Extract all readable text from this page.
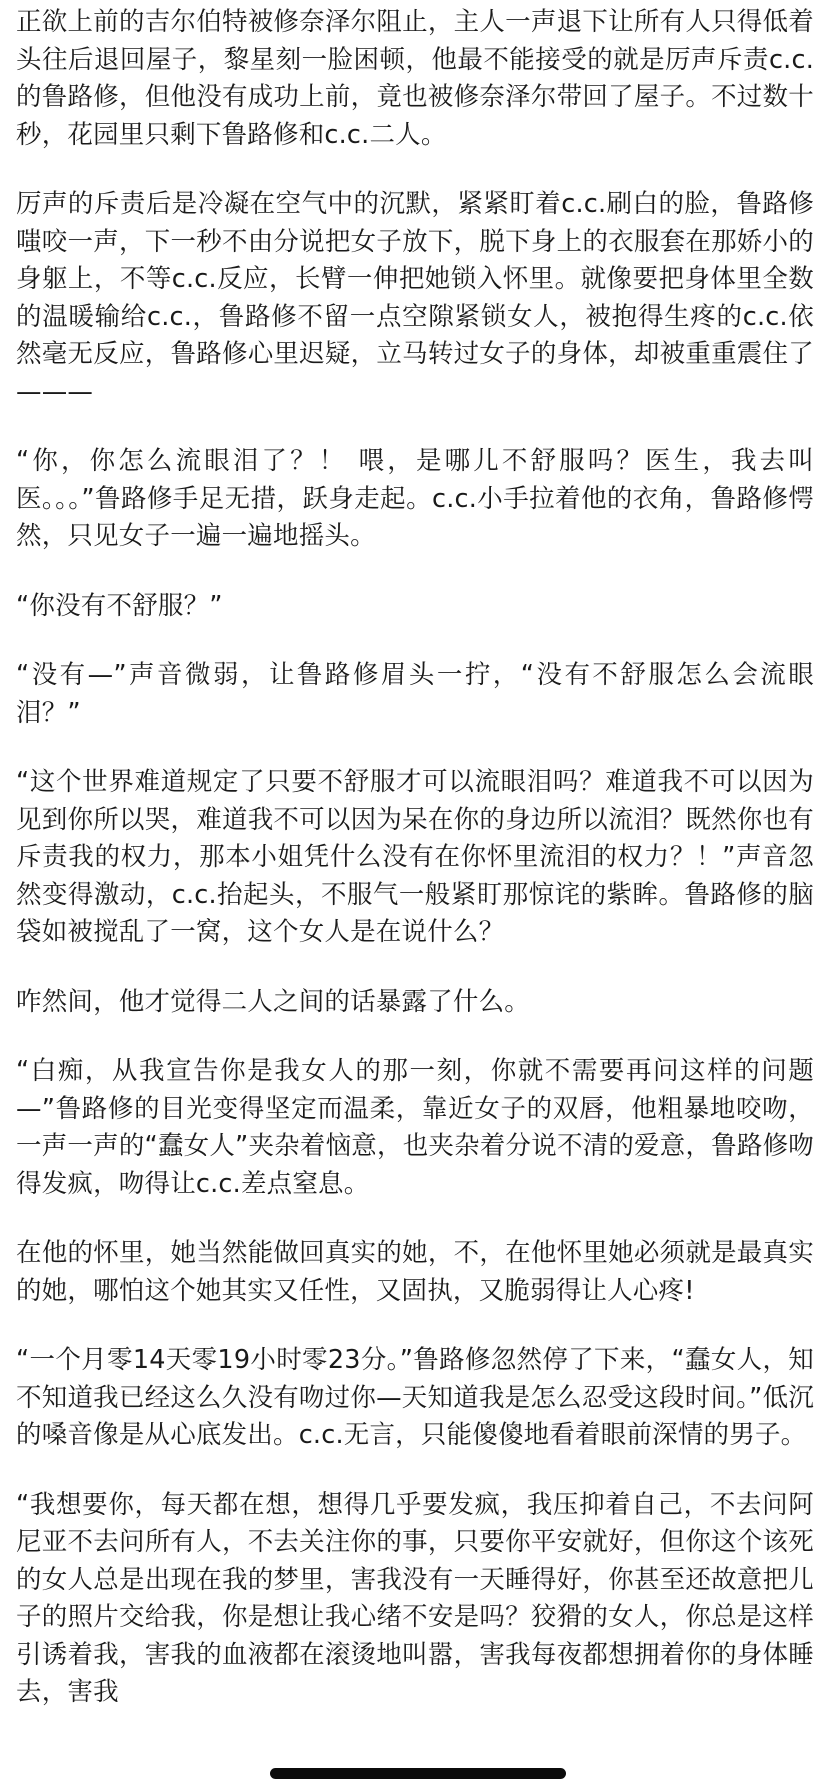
正欲上前的吉尔伯特被修奈泽尔阻止，主人一声退下让所有人只得低着头往后退回屋子，黎星刻一脸困顿，他最不能接受的就是厉声斥责c.c.的鲁路修，但他没有成功上前，竟也被修奈泽尔带回了屋子。不过数十秒，花园里只剩下鲁路修和c.c.二人。

厉声的斥责后是冷凝在空气中的沉默，紧紧盯着c.c.刷白的脸，鲁路修嗤咬一声，下一秒不由分说把女子放下，脱下身上的衣服套在那娇小的身躯上，不等c.c.反应，长臂一伸把她锁入怀里。就像要把身体里全数的温暖输给c.c.，鲁路修不留一点空隙紧锁女人，被抱得生疼的c.c.依然毫无反应，鲁路修心里迟疑，立马转过女子的身体，却被重重震住了———

“你，你怎么流眼泪了？！ 喂，是哪儿不舒服吗？医生，我去叫医。。。”鲁路修手足无措，跃身走起。c.c.小手拉着他的衣角，鲁路修愕然，只见女子一遍一遍地摇头。

“你没有不舒服？”

“没有—”声音微弱，让鲁路修眉头一拧，“没有不舒服怎么会流眼泪？”

“这个世界难道规定了只要不舒服才可以流眼泪吗？难道我不可以因为见到你所以哭，难道我不可以因为呆在你的身边所以流泪？既然你也有斥责我的权力，那本小姐凭什么没有在你怀里流泪的权力？！”声音忽然变得激动，c.c.抬起头，不服气一般紧盯那惊诧的紫眸。鲁路修的脑袋如被搅乱了一窝，这个女人是在说什么？

咋然间，他才觉得二人之间的话暴露了什么。

“白痴，从我宣告你是我女人的那一刻，你就不需要再问这样的问题—”鲁路修的目光变得坚定而温柔，靠近女子的双唇，他粗暴地咬吻，一声一声的“蠢女人”夹杂着恼意，也夹杂着分说不清的爱意，鲁路修吻得发疯，吻得让c.c.差点窒息。

在他的怀里，她当然能做回真实的她，不，在他怀里她必须就是最真实的她，哪怕这个她其实又任性，又固执，又脆弱得让人心疼!

“一个月零14天零19小时零23分。”鲁路修忽然停了下来，“蠢女人，知不知道我已经这么久没有吻过你—天知道我是怎么忍受这段时间。”低沉的嗓音像是从心底发出。c.c.无言，只能傻傻地看着眼前深情的男子。

“我想要你，每天都在想，想得几乎要发疯，我压抑着自己，不去问阿尼亚不去问所有人，不去关注你的事，只要你平安就好，但你这个该死的女人总是出现在我的梦里，害我没有一天睡得好，你甚至还故意把儿子的照片交给我，你是想让我心绪不安是吗？狡猾的女人，你总是这样引诱着我，害我的血液都在滚烫地叫嚣，害我每夜都想拥着你的身体睡去，害我
